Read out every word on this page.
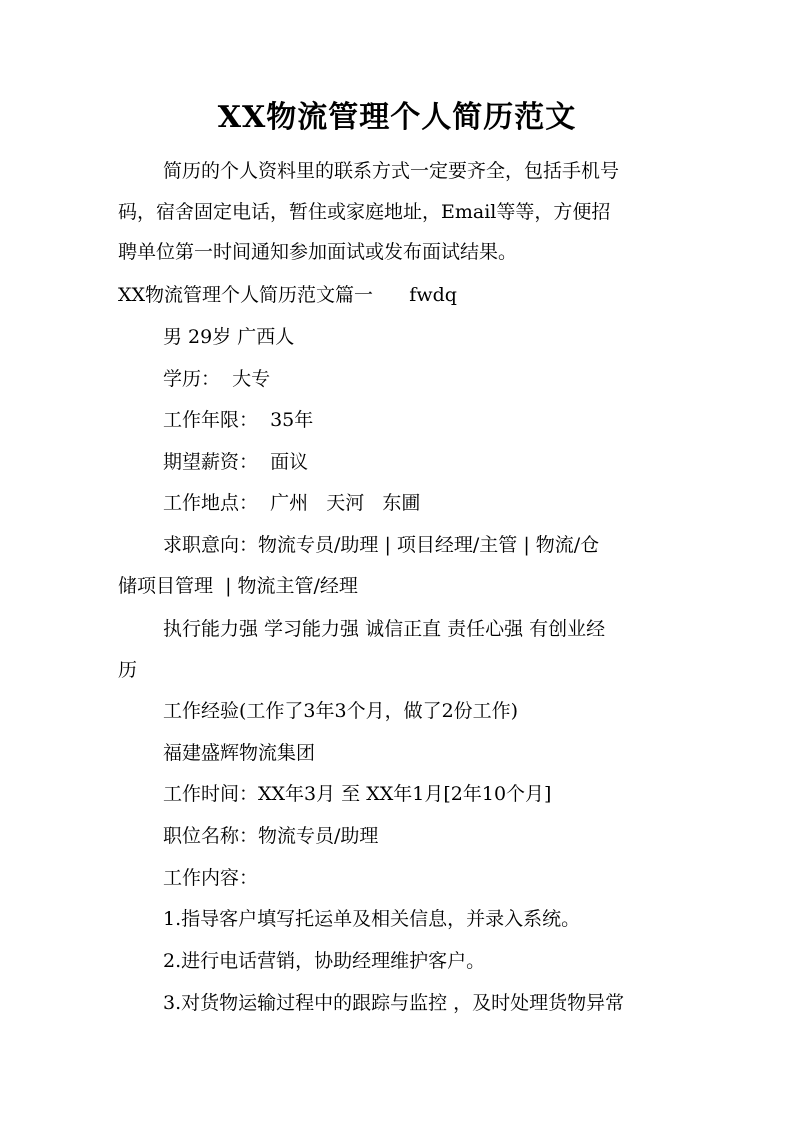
XX物流管理个人简历范文
简历的个人资料里的联系方式一定要齐全，包括手机号
码，宿舍固定电话，暂住或家庭地址，Email等等，方便招
聘单位第一时间通知参加面试或发布面试结果。
XX物流管理个人简历范文篇一      fwdq
男 29岁 广西人
学历：  大专
工作年限：  35年
期望薪资：  面议
工作地点：  广州   天河   东圃
求职意向：物流专员/助理 | 项目经理/主管 | 物流/仓
储项目管理  | 物流主管/经理
执行能力强 学习能力强 诚信正直 责任心强 有创业经
历
工作经验(工作了3年3个月，做了2份工作)
福建盛辉物流集团
工作时间：XX年3月 至 XX年1月[2年10个月]
职位名称：物流专员/助理
工作内容：
1.指导客户填写托运单及相关信息，并录入系统。
2.进行电话营销，协助经理维护客户。
3.对货物运输过程中的跟踪与监控 ，及时处理货物异常
